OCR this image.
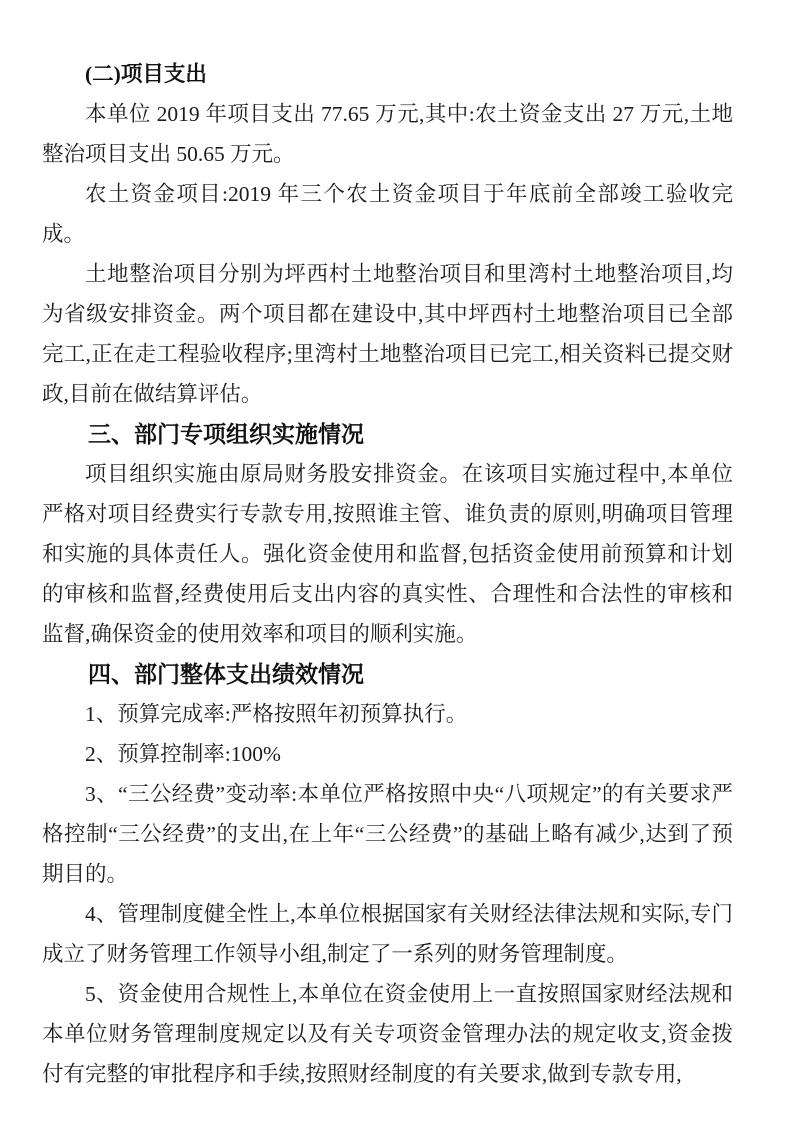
(二)项目支出

本单位 2019 年项目支出 77.65 万元,其中:农土资金支出 27 万元,土地整治项目支出 50.65 万元。

农土资金项目:2019 年三个农土资金项目于年底前全部竣工验收完成。

土地整治项目分别为坪西村土地整治项目和里湾村土地整治项目,均为省级安排资金。两个项目都在建设中,其中坪西村土地整治项目已全部完工,正在走工程验收程序;里湾村土地整治项目已完工,相关资料已提交财政,目前在做结算评估。

三、部门专项组织实施情况

项目组织实施由原局财务股安排资金。在该项目实施过程中,本单位严格对项目经费实行专款专用,按照谁主管、谁负责的原则,明确项目管理和实施的具体责任人。强化资金使用和监督,包括资金使用前预算和计划的审核和监督,经费使用后支出内容的真实性、合理性和合法性的审核和监督,确保资金的使用效率和项目的顺利实施。

四、部门整体支出绩效情况

1、预算完成率:严格按照年初预算执行。

2、预算控制率:100%

3、“三公经费”变动率:本单位严格按照中央“八项规定”的有关要求严格控制“三公经费”的支出,在上年“三公经费”的基础上略有减少,达到了预期目的。

4、管理制度健全性上,本单位根据国家有关财经法律法规和实际,专门成立了财务管理工作领导小组,制定了一系列的财务管理制度。

5、资金使用合规性上,本单位在资金使用上一直按照国家财经法规和本单位财务管理制度规定以及有关专项资金管理办法的规定收支,资金拨付有完整的审批程序和手续,按照财经制度的有关要求,做到专款专用,
